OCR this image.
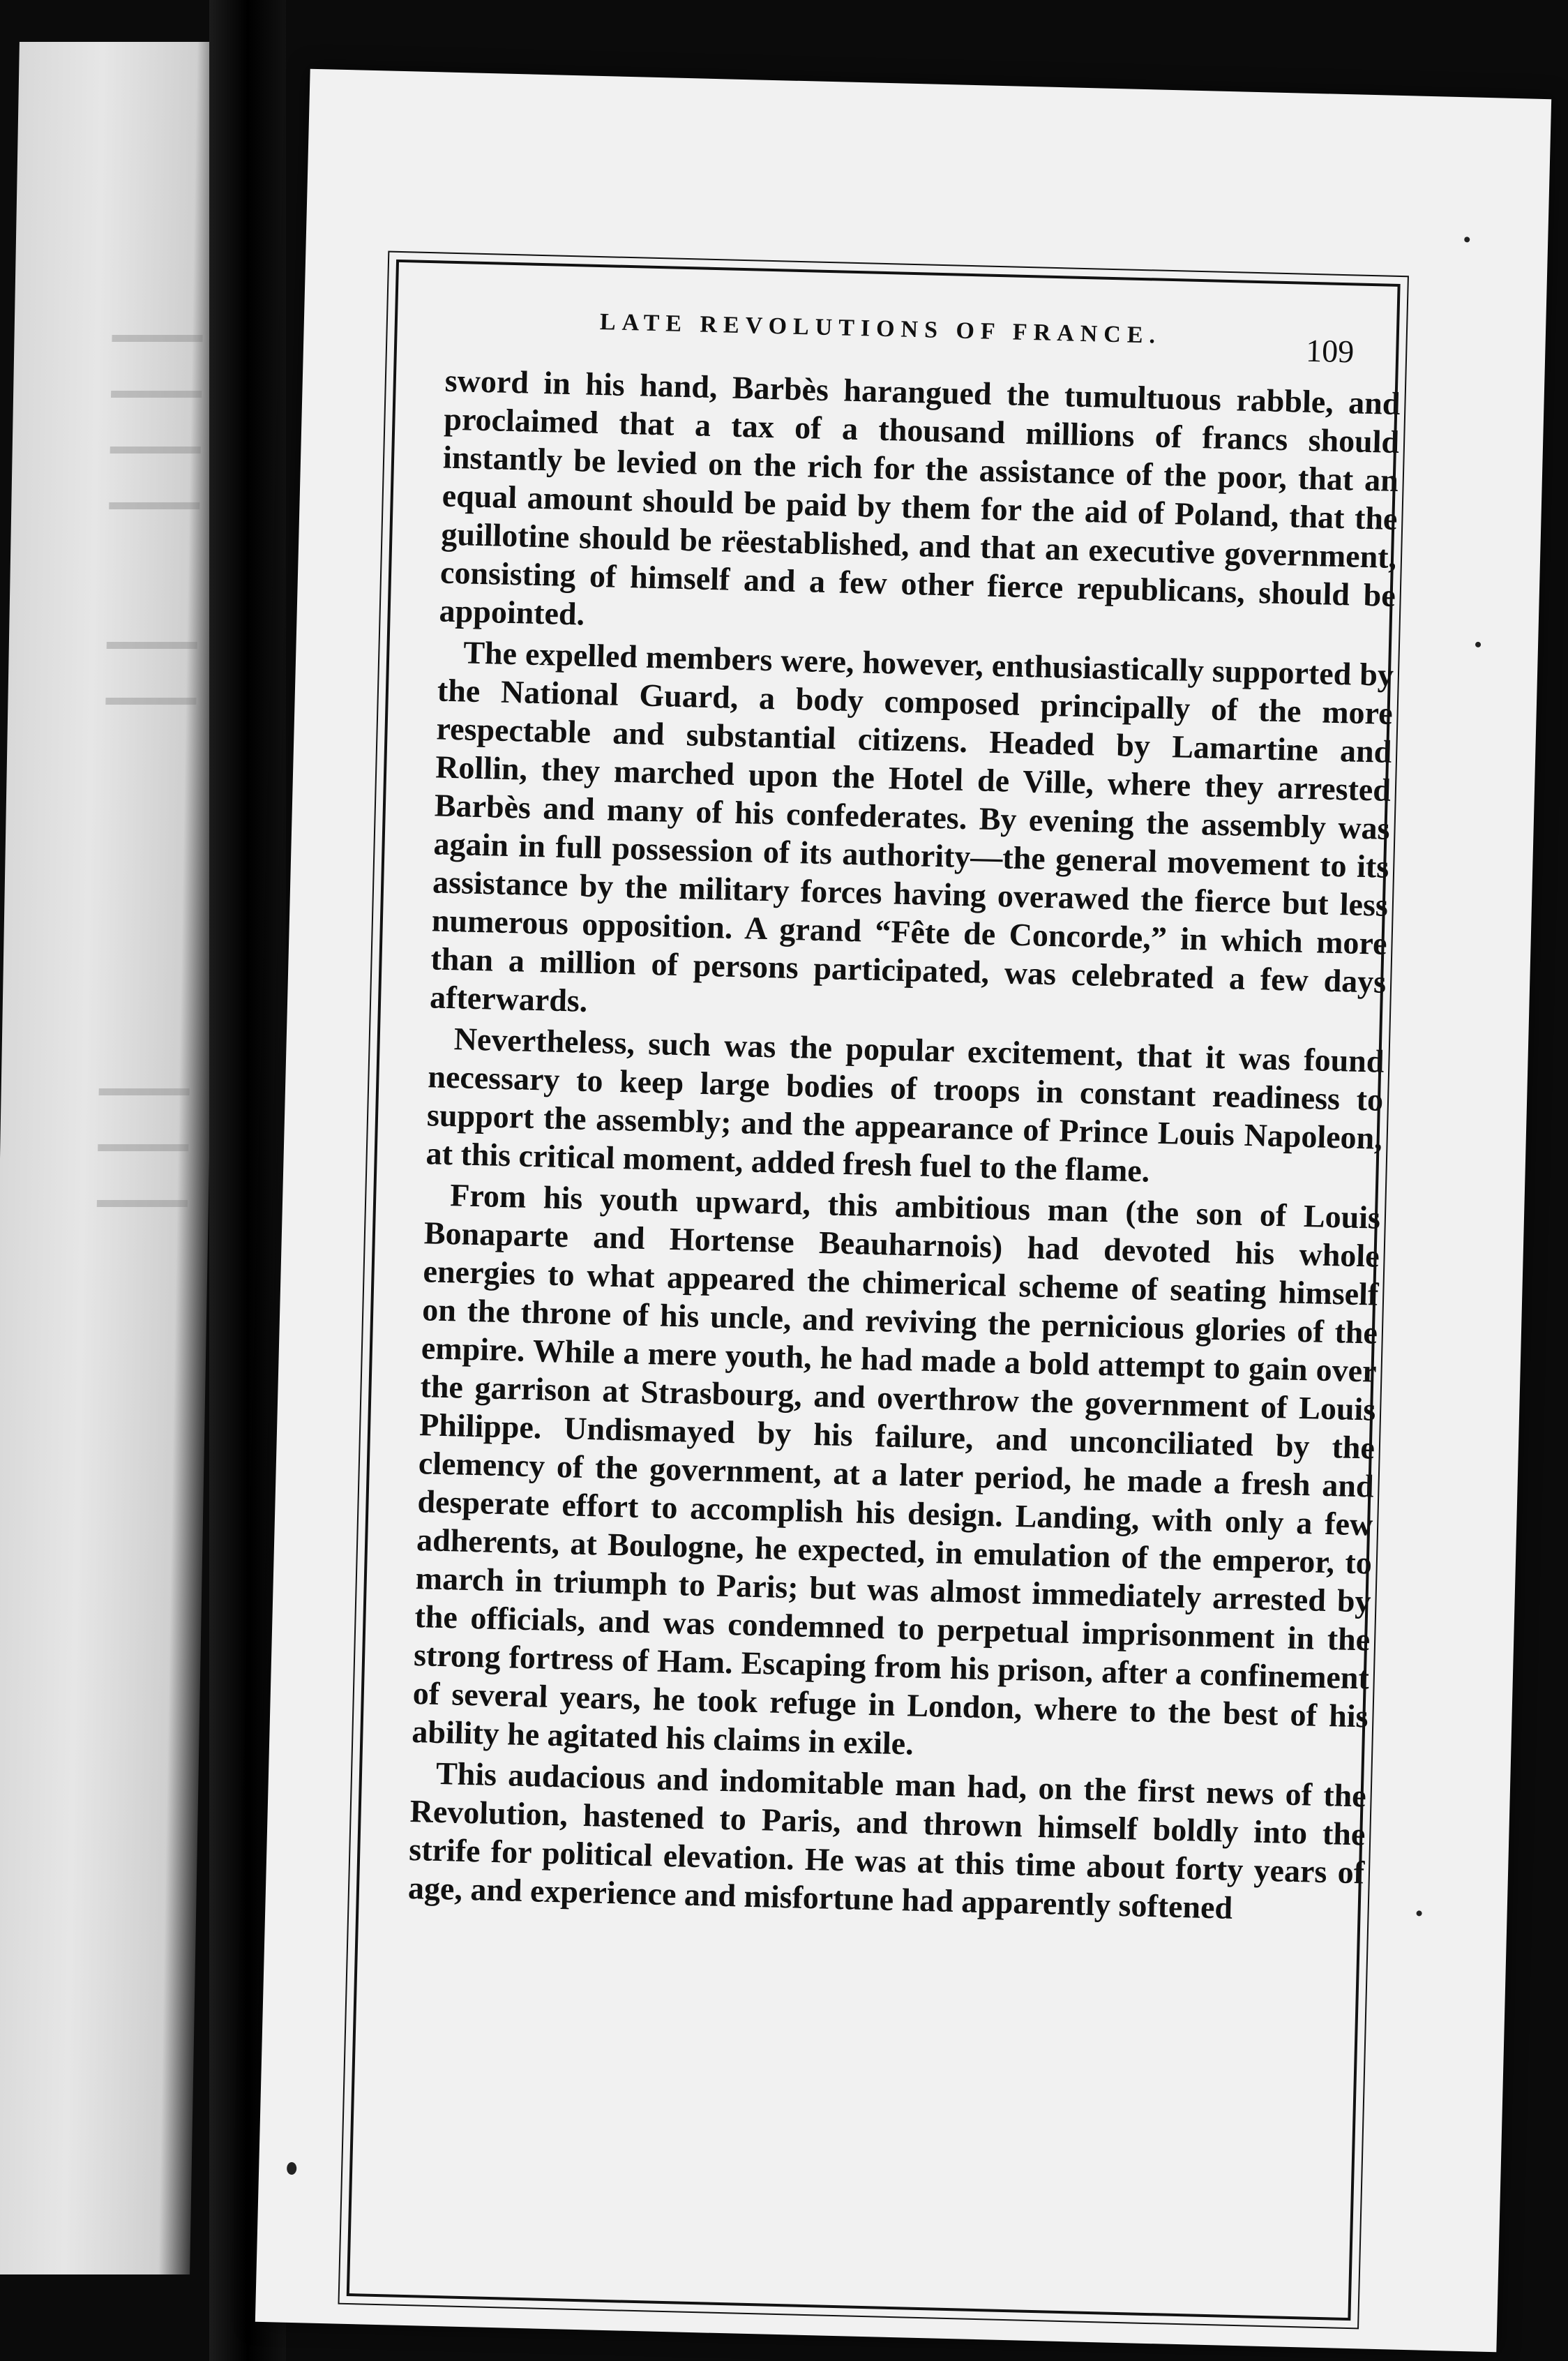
LATE REVOLUTIONS OF FRANCE.
109

sword in his hand, Barbès harangued the tumultuous rabble, and proclaimed that a tax of a thousand millions of francs should instantly be levied on the rich for the assistance of the poor, that an equal amount should be paid by them for the aid of Poland, that the guillotine should be rëestablished, and that an executive government, consisting of himself and a few other fierce republicans, should be appointed.

The expelled members were, however, enthusiastically supported by the National Guard, a body composed principally of the more respectable and substantial citizens. Headed by Lamartine and Rollin, they marched upon the Hotel de Ville, where they arrested Barbès and many of his confederates. By evening the assembly was again in full possession of its authority—the general movement to its assistance by the military forces having overawed the fierce but less numerous opposition. A grand “Fête de Concorde,” in which more than a million of persons participated, was celebrated a few days afterwards.

Nevertheless, such was the popular excitement, that it was found necessary to keep large bodies of troops in constant readiness to support the assembly; and the appearance of Prince Louis Napoleon, at this critical moment, added fresh fuel to the flame.

From his youth upward, this ambitious man (the son of Louis Bonaparte and Hortense Beauharnois) had devoted his whole energies to what appeared the chimerical scheme of seating himself on the throne of his uncle, and reviving the pernicious glories of the empire. While a mere youth, he had made a bold attempt to gain over the garrison at Strasbourg, and overthrow the government of Louis Philippe. Undismayed by his failure, and unconciliated by the clemency of the government, at a later period, he made a fresh and desperate effort to accomplish his design. Landing, with only a few adherents, at Boulogne, he expected, in emulation of the emperor, to march in triumph to Paris; but was almost immediately arrested by the officials, and was condemned to perpetual imprisonment in the strong fortress of Ham. Escaping from his prison, after a confinement of several years, he took refuge in London, where to the best of his ability he agitated his claims in exile.

This audacious and indomitable man had, on the first news of the Revolution, hastened to Paris, and thrown himself boldly into the strife for political elevation. He was at this time about forty years of age, and experience and misfortune had apparently softened
